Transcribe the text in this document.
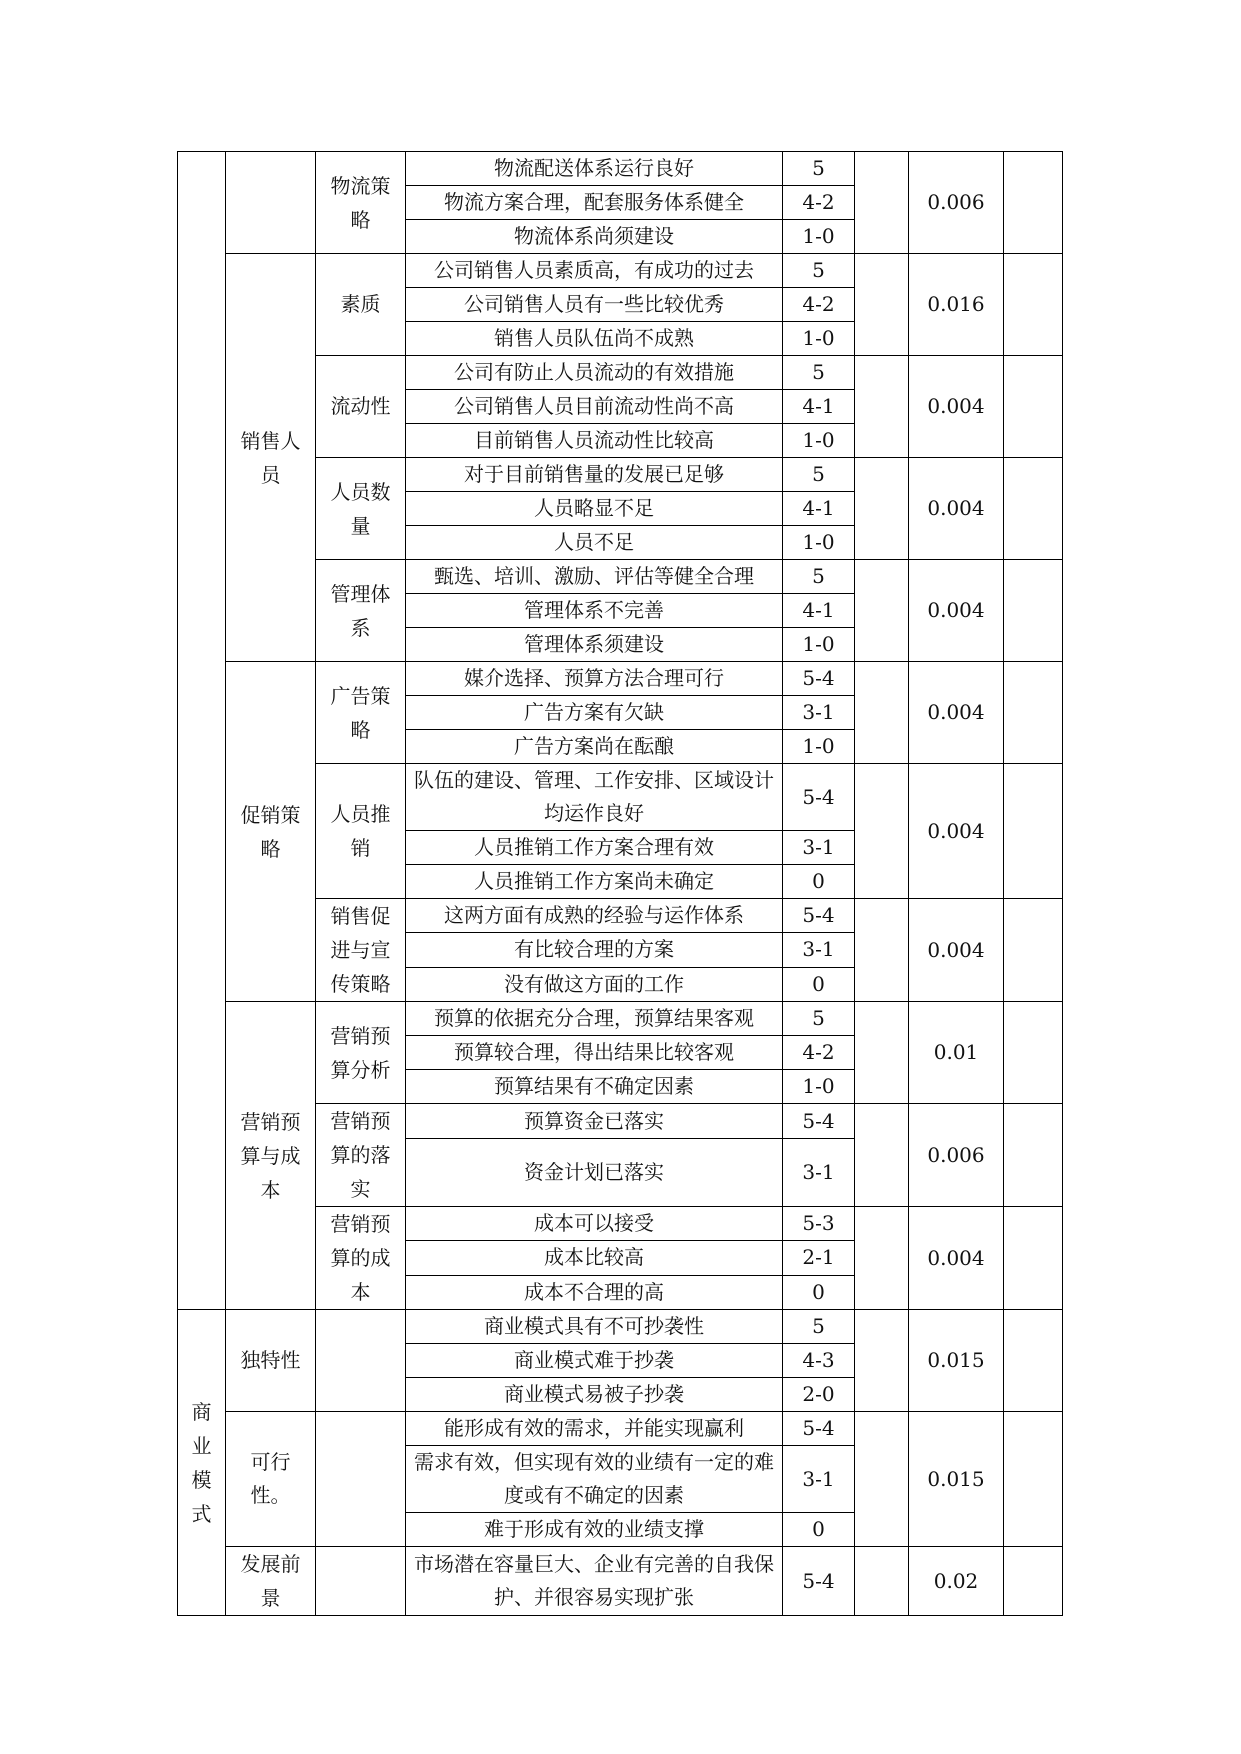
		物流策略	物流配送体系运行良好	5		0.006	
			物流方案合理，配套服务体系健全	4-2			
			物流体系尚须建设	1-0			
	销售人员	素质	公司销售人员素质高，有成功的过去	5		0.016	
			公司销售人员有一些比较优秀	4-2			
			销售人员队伍尚不成熟	1-0			
		流动性	公司有防止人员流动的有效措施	5		0.004	
			公司销售人员目前流动性尚不高	4-1			
			目前销售人员流动性比较高	1-0			
		人员数量	对于目前销售量的发展已足够	5		0.004	
			人员略显不足	4-1			
			人员不足	1-0			
		管理体系	甄选、培训、激励、评估等健全合理	5		0.004	
			管理体系不完善	4-1			
			管理体系须建设	1-0			
	促销策略	广告策略	媒介选择、预算方法合理可行	5-4		0.004	
			广告方案有欠缺	3-1			
			广告方案尚在酝酿	1-0			
		人员推销	队伍的建设、管理、工作安排、区域设计均运作良好	5-4		0.004	
			人员推销工作方案合理有效	3-1			
			人员推销工作方案尚未确定	0			
		销售促进与宣传策略	这两方面有成熟的经验与运作体系	5-4		0.004	
			有比较合理的方案	3-1			
			没有做这方面的工作	0			
	营销预算与成本	营销预算分析	预算的依据充分合理，预算结果客观	5		0.01	
			预算较合理，得出结果比较客观	4-2			
			预算结果有不确定因素	1-0			
		营销预算的落实	预算资金已落实	5-4		0.006	
			资金计划已落实	3-1			
		营销预算的成本	成本可以接受	5-3		0.004	
			成本比较高	2-1			
			成本不合理的高	0			
商业模式	独特性		商业模式具有不可抄袭性	5		0.015	
			商业模式难于抄袭	4-3			
			商业模式易被子抄袭	2-0			
	可行性。		能形成有效的需求，并能实现赢利	5-4		0.015	
			需求有效，但实现有效的业绩有一定的难度或有不确定的因素	3-1			
			难于形成有效的业绩支撑	0			
	发展前景		市场潜在容量巨大、企业有完善的自我保护、并很容易实现扩张	5-4		0.02	
